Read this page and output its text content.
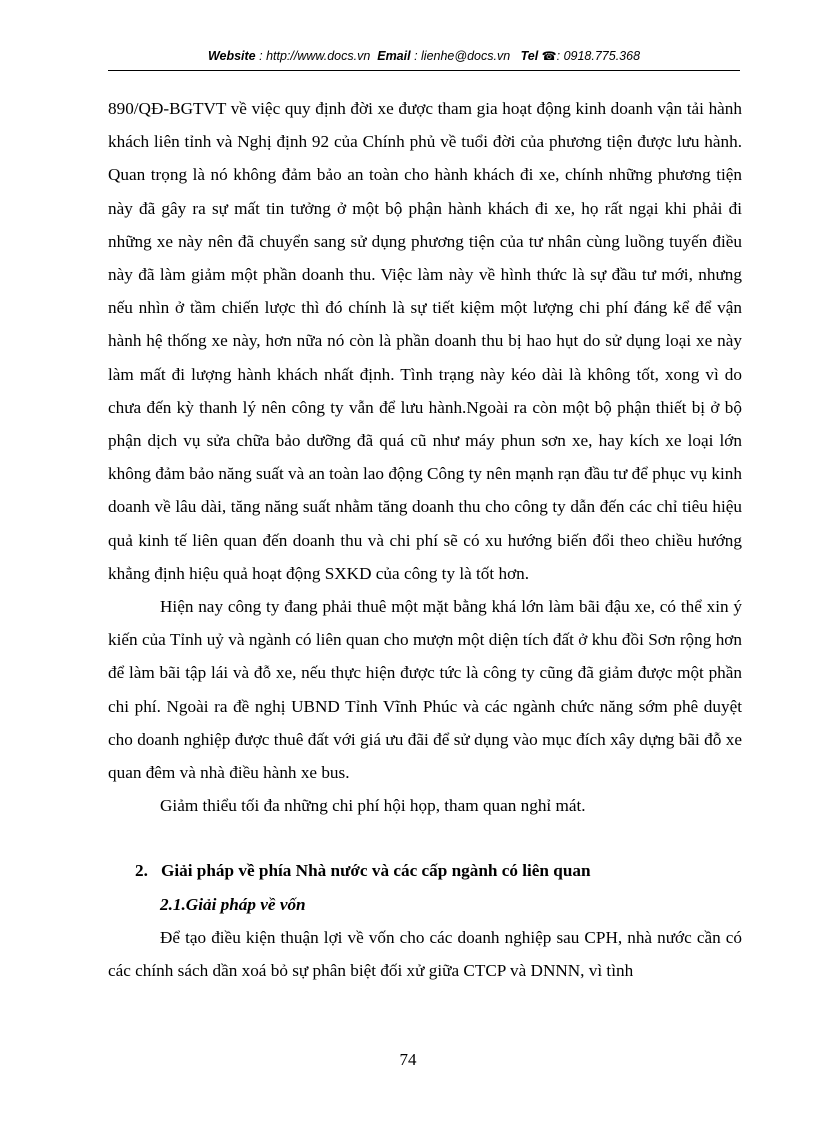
Website : http://www.docs.vn Email : lienhe@docs.vn Tel ☎: 0918.775.368

890/QĐ-BGTVT về việc quy định đời xe được tham gia hoạt động kinh doanh vận tải hành khách liên tỉnh và Nghị định 92 của Chính phủ về tuổi đời của phương tiện được lưu hành. Quan trọng là nó không đảm bảo an toàn cho hành khách đi xe, chính những phương tiện này đã gây ra sự mất tin tưởng ở một bộ phận hành khách đi xe, họ rất ngại khi phải đi những xe này nên đã chuyển sang sử dụng phương tiện của tư nhân cùng luồng tuyến điều này đã làm giảm một phần doanh thu. Việc làm này về hình thức là sự đầu tư mới, nhưng nếu nhìn ở tầm chiến lược thì đó chính là sự tiết kiệm một lượng chi phí đáng kể để vận hành hệ thống xe này, hơn nữa nó còn là phần doanh thu bị hao hụt do sử dụng loại xe này làm mất đi lượng hành khách nhất định. Tình trạng này kéo dài là không tốt, xong vì do chưa đến kỳ thanh lý nên công ty vẫn để lưu hành.Ngoài ra còn một bộ phận thiết bị ở bộ phận dịch vụ sửa chữa bảo dưỡng đã quá cũ như máy phun sơn xe, hay kích xe loại lớn không đảm bảo năng suất và an toàn lao động Công ty nên mạnh rạn đầu tư để phục vụ kinh doanh về lâu dài, tăng năng suất nhằm tăng doanh thu cho công ty dẫn đến các chỉ tiêu hiệu quả kinh tế liên quan đến doanh thu và chi phí sẽ có xu hướng biến đổi theo chiều hướng khẳng định hiệu quả hoạt động SXKD của công ty là tốt hơn.

Hiện nay công ty đang phải thuê một mặt bằng khá lớn làm bãi đậu xe, có thể xin ý kiến của Tỉnh uỷ và ngành có liên quan cho mượn một diện tích đất ở khu đồi Sơn rộng hơn để làm bãi tập lái và đỗ xe, nếu thực hiện được tức là công ty cũng đã giảm được một phần chi phí. Ngoài ra đề nghị UBND Tỉnh Vĩnh Phúc và các ngành chức năng sớm phê duyệt cho doanh nghiệp được thuê đất với giá ưu đãi để sử dụng vào mục đích xây dựng bãi đỗ xe quan đêm và nhà điều hành xe bus.

Giảm thiểu tối đa những chi phí hội họp, tham quan nghỉ mát.

2. Giải pháp về phía Nhà nước và các cấp ngành có liên quan
2.1.Giải pháp về vốn

Để tạo điều kiện thuận lợi về vốn cho các doanh nghiệp sau CPH, nhà nước cần có các chính sách dần xoá bỏ sự phân biệt đối xử giữa CTCP và DNNN, vì tình

74
